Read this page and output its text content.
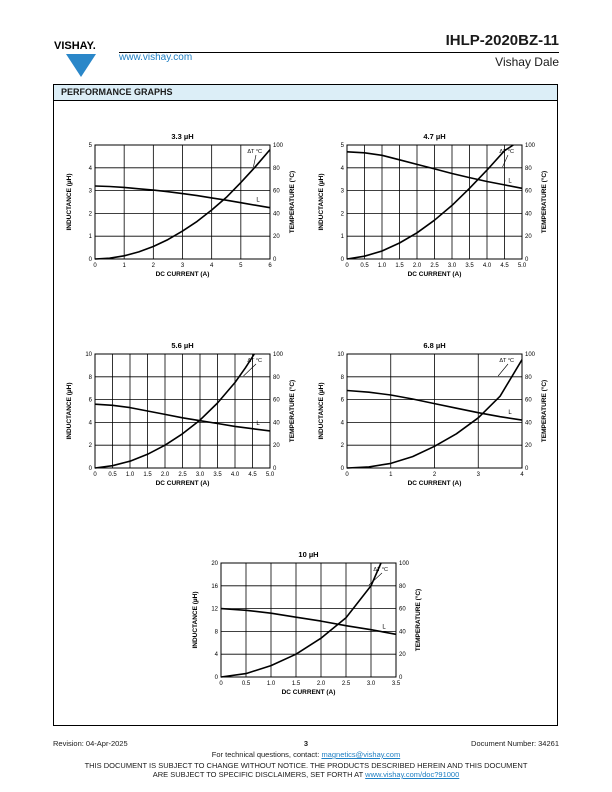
VISHAY.
www.vishay.com
IHLP-2020BZ-11
Vishay Dale
PERFORMANCE GRAPHS
3.3 µH
0	1	2	3	4	5	6
0
1
2
3
4
5
0
20
40
60
80
100
DC CURRENT (A)
INDUCTANCE (µH)	TEMPERATURE (°C)
ΔT °C
L
4.7 µH
0 0.5 1.0 1.5 2.0 2.5 3.0 3.5 4.0 4.5 5.0
0
1
2
3
4
5
0
20
40
60
80
100
DC CURRENT (A)
INDUCTANCE (µH)	TEMPERATURE (°C)
ΔT °C
L
5.6 µH
0 0.5 1.0 1.5 2.0 2.5 3.0 3.5 4.0 4.5 5.0
0
2
4
6
8
10
0
20
40
60
80
100
DC CURRENT (A)
INDUCTANCE (µH)	TEMPERATURE (°C)
ΔT °C
L
6.8 µH
0	1	2	3	4
0
2
4
6
8
10
0
20
40
60
80
100
DC CURRENT (A)
INDUCTANCE (µH)	TEMPERATURE (°C)
ΔT °C
L
10 µH
0	0.5	1.0	1.5	2.0	2.5	3.0	3.5
0
4
8
12
16
20
0
20
40
60
80
100
DC CURRENT (A)
INDUCTANCE (µH)	TEMPERATURE (°C)
ΔT °C
L
Revision: 04-Apr-2025	3	Document Number: 34261
For technical questions, contact: magnetics@vishay.com
THIS DOCUMENT IS SUBJECT TO CHANGE WITHOUT NOTICE. THE PRODUCTS DESCRIBED HEREIN AND THIS DOCUMENT
ARE SUBJECT TO SPECIFIC DISCLAIMERS, SET FORTH AT www.vishay.com/doc?91000
